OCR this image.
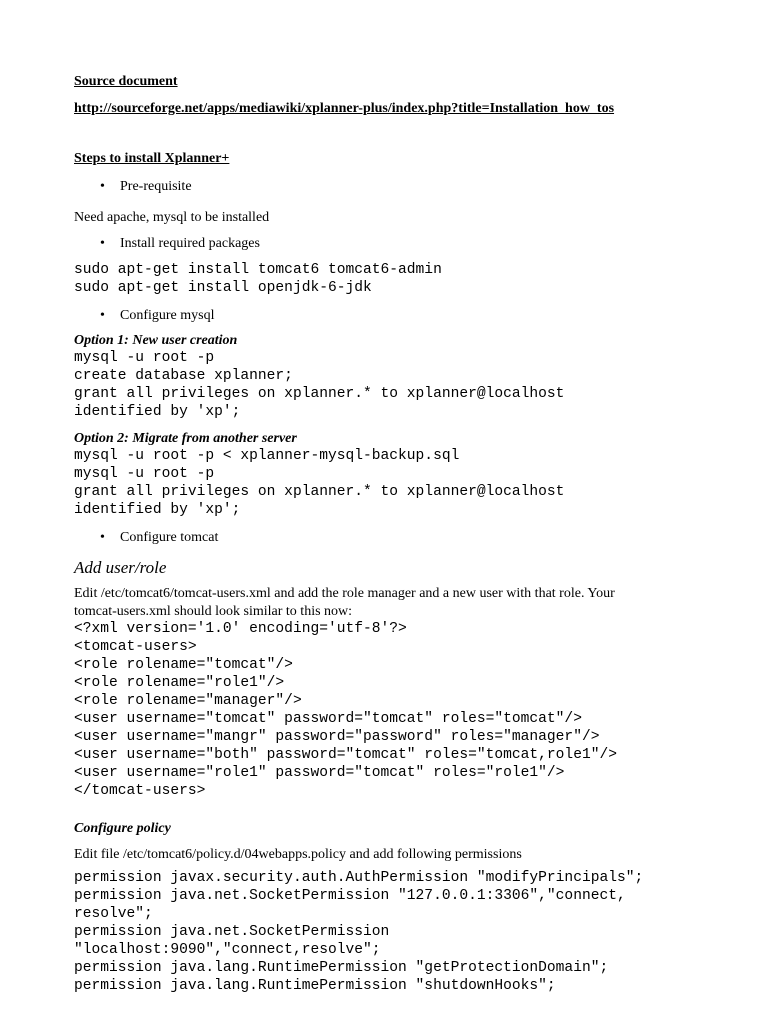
Source document
http://sourceforge.net/apps/mediawiki/xplanner-plus/index.php?title=Installation_how_tos
Steps to install Xplanner+
• Pre-requisite
Need apache, mysql to be installed
• Install required packages
sudo apt-get install tomcat6 tomcat6-admin
sudo apt-get install openjdk-6-jdk
• Configure mysql
Option 1: New user creation
mysql -u root -p
create database xplanner;
grant all privileges on xplanner.* to xplanner@localhost
identified by 'xp';
Option 2: Migrate from another server
mysql -u root -p < xplanner-mysql-backup.sql
mysql -u root -p
grant all privileges on xplanner.* to xplanner@localhost
identified by 'xp';
• Configure tomcat
Add user/role
Edit /etc/tomcat6/tomcat-users.xml and add the role manager and a new user with that role. Your
tomcat-users.xml should look similar to this now:
<?xml version='1.0' encoding='utf-8'?>
<tomcat-users>
<role rolename="tomcat"/>
<role rolename="role1"/>
<role rolename="manager"/>
<user username="tomcat" password="tomcat" roles="tomcat"/>
<user username="mangr" password="password" roles="manager"/>
<user username="both" password="tomcat" roles="tomcat,role1"/>
<user username="role1" password="tomcat" roles="role1"/>
</tomcat-users>
Configure policy
Edit file /etc/tomcat6/policy.d/04webapps.policy and add following permissions
permission javax.security.auth.AuthPermission "modifyPrincipals";
permission java.net.SocketPermission "127.0.0.1:3306","connect,
resolve";
permission java.net.SocketPermission
"localhost:9090","connect,resolve";
permission java.lang.RuntimePermission "getProtectionDomain";
permission java.lang.RuntimePermission "shutdownHooks";
